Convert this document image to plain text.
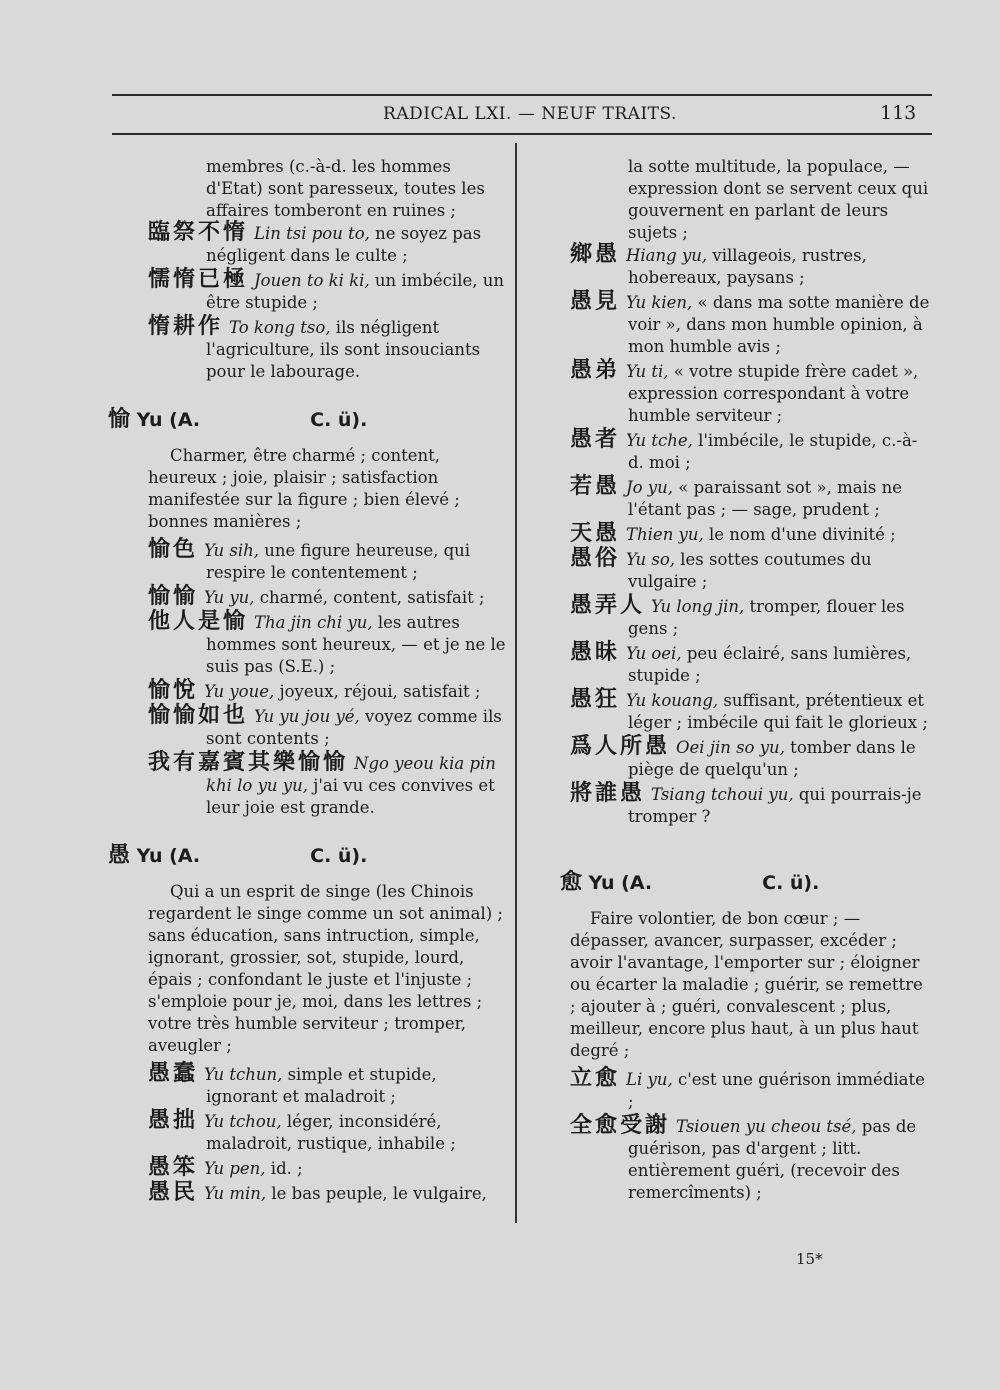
RADICAL LXI. — NEUF TRAITS.	113
membres (c.-à-d. les hommes d'Etat) sont paresseux, toutes les affaires tomberont en ruines ;
臨祭不惰 Lin tsi pou to, ne soyez pas négligent dans le culte ;
懦惰已極 Jouen to ki ki, un imbécile, un être stupide ;
惰耕作 To kong tso, ils négligent l'agriculture, ils sont insouciants pour le labourage.
愉 Yu (A.	C. ü).
Charmer, être charmé ; content, heureux ; joie, plaisir ; satisfaction manifestée sur la figure ; bien élevé ; bonnes manières ;
愉色 Yu sih, une figure heureuse, qui respire le contentement ;
愉愉 Yu yu, charmé, content, satisfait ;
他人是愉 Tha jin chi yu, les autres hommes sont heureux, — et je ne le suis pas (S.E.) ;
愉悅 Yu youe, joyeux, réjoui, satisfait ;
愉愉如也 Yu yu jou yé, voyez comme ils sont contents ;
我有嘉賓其樂愉愉 Ngo yeou kia pin khi lo yu yu, j'ai vu ces convives et leur joie est grande.
愚 Yu (A.	C. ü).
Qui a un esprit de singe (les Chinois regardent le singe comme un sot animal) ; sans éducation, sans intruction, simple, ignorant, grossier, sot, stupide, lourd, épais ; confondant le juste et l'injuste ; s'emploie pour je, moi, dans les lettres ; votre très humble serviteur ; tromper, aveugler ;
愚蠢 Yu tchun, simple et stupide, ignorant et maladroit ;
愚拙 Yu tchou, léger, inconsidéré, maladroit, rustique, inhabile ;
愚笨 Yu pen, id. ;
愚民 Yu min, le bas peuple, le vulgaire,
la sotte multitude, la populace, — expression dont se servent ceux qui gouvernent en parlant de leurs sujets ;
鄉愚 Hiang yu, villageois, rustres, hobereaux, paysans ;
愚見 Yu kien, « dans ma sotte manière de voir », dans mon humble opinion, à mon humble avis ;
愚弟 Yu ti, « votre stupide frère cadet », expression correspondant à votre humble serviteur ;
愚者 Yu tche, l'imbécile, le stupide, c.-à-d. moi ;
若愚 Jo yu, « paraissant sot », mais ne l'étant pas ; — sage, prudent ;
天愚 Thien yu, le nom d'une divinité ;
愚俗 Yu so, les sottes coutumes du vulgaire ;
愚弄人 Yu long jin, tromper, flouer les gens ;
愚昧 Yu oei, peu éclairé, sans lumières, stupide ;
愚狂 Yu kouang, suffisant, prétentieux et léger ; imbécile qui fait le glorieux ;
爲人所愚 Oei jin so yu, tomber dans le piège de quelqu'un ;
將誰愚 Tsiang tchoui yu, qui pourrais-je tromper ?
愈 Yu (A.	C. ü).
Faire volontier, de bon cœur ; — dépasser, avancer, surpasser, excéder ; avoir l'avantage, l'emporter sur ; éloigner ou écarter la maladie ; guérir, se remettre ; ajouter à ; guéri, convalescent ; plus, meilleur, encore plus haut, à un plus haut degré ;
立愈 Li yu, c'est une guérison immédiate ;
全愈受謝 Tsiouen yu cheou tsé, pas de guérison, pas d'argent ; litt. entièrement guéri, (recevoir des remercîments) ;
15*
